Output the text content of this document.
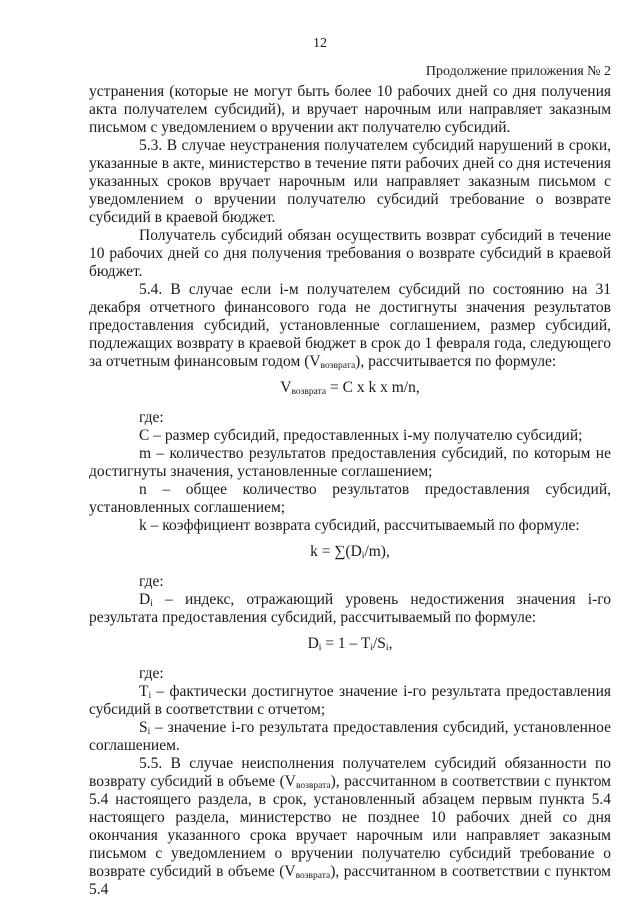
12
Продолжение приложения № 2

устранения (которые не могут быть более 10 рабочих дней со дня получения акта получателем субсидий), и вручает нарочным или направляет заказным письмом с уведомлением о вручении акт получателю субсидий.

5.3. В случае неустранения получателем субсидий нарушений в сроки, указанные в акте, министерство в течение пяти рабочих дней со дня истечения указанных сроков вручает нарочным или направляет заказным письмом с уведомлением о вручении получателю субсидий требование о возврате субсидий в краевой бюджет.

Получатель субсидий обязан осуществить возврат субсидий в течение 10 рабочих дней со дня получения требования о возврате субсидий в краевой бюджет.

5.4. В случае если i-м получателем субсидий по состоянию на 31 декабря отчетного финансового года не достигнуты значения результатов предоставления субсидий, установленные соглашением, размер субсидий, подлежащих возврату в краевой бюджет в срок до 1 февраля года, следующего за отчетным финансовым годом $(V_{возврата})$, рассчитывается по формуле:

$V_{возврата} = C$ x k x m/n,

где:

C – размер субсидий, предоставленных i-му получателю субсидий;

m – количество результатов предоставления субсидий, по которым не достигнуты значения, установленные соглашением;

n – общее количество результатов предоставления субсидий, установленных соглашением;

k – коэффициент возврата субсидий, рассчитываемый по формуле:

$k = \sum(D_i/m)$,

где:

$D_i$ – индекс, отражающий уровень недостижения значения i-го результата предоставления субсидий, рассчитываемый по формуле:

$D_i = 1 - T_i/S_i$,

где:

$T_i$ – фактически достигнутое значение i-го результата предоставления субсидий в соответствии с отчетом;

$S_i$ – значение i-го результата предоставления субсидий, установленное соглашением.

5.5. В случае неисполнения получателем субсидий обязанности по возврату субсидий в объеме $(V_{возврата})$, рассчитанном в соответствии с пунктом 5.4 настоящего раздела, в срок, установленный абзацем первым пункта 5.4 настоящего раздела, министерство не позднее 10 рабочих дней со дня окончания указанного срока вручает нарочным или направляет заказным письмом с уведомлением о вручении получателю субсидий требование о возврате субсидий в объеме $(V_{возврата})$, рассчитанном в соответствии с пунктом 5.4
